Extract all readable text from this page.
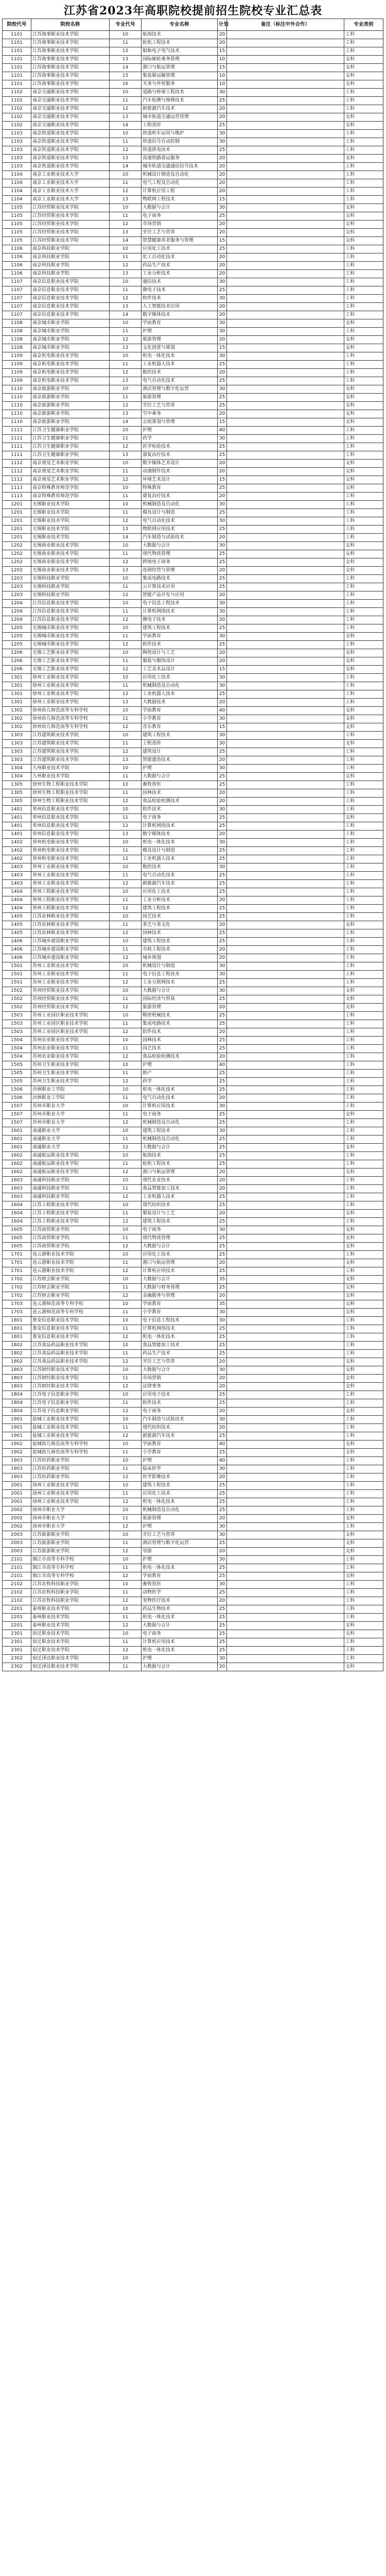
江苏省2023年高职院校提前招生院校专业汇总表
院校代号	院校名称	专业代号	专业名称	计划	备注（标注中外合作）	专业类别
1101	江苏海事职业技术学院	10	航海技术	20		工科
1101	江苏海事职业技术学院	11	轮机工程技术	20		工科
1101	江苏海事职业技术学院	12	船舶电子电气技术	15		工科
1101	江苏海事职业技术学院	13	国际邮轮乘务管理	10		文科
1101	江苏海事职业技术学院	14	港口与航运管理	15		文科
1101	江苏海事职业技术学院	15	集装箱运输管理	10		文科
1101	江苏海事职业技术学院	16	关务与外贸服务	10		文科
1102	南京交通职业技术学院	10	道路与桥梁工程技术	30		工科
1102	南京交通职业技术学院	11	汽车检测与维修技术	25		工科
1102	南京交通职业技术学院	12	新能源汽车技术	20		工科
1102	南京交通职业技术学院	13	城市轨道交通运营管理	20		文科
1102	南京交通职业技术学院	14	工程造价	25		文科
1103	南京铁道职业技术学院	10	铁道机车运用与维护	30		工科
1103	南京铁道职业技术学院	11	铁道信号自动控制	30		工科
1103	南京铁道职业技术学院	12	铁道供电技术	25		工科
1103	南京铁道职业技术学院	13	高速铁路客运服务	20		文科
1103	南京铁道职业技术学院	14	城市轨道交通通信信号技术	20		工科
1104	南京工业职业技术大学	10	机械设计制造及自动化	20		工科
1104	南京工业职业技术大学	11	电气工程及自动化	20		工科
1104	南京工业职业技术大学	12	计算机应用工程	20		工科
1104	南京工业职业技术大学	13	物联网工程技术	15		工科
1105	江苏经贸职业技术学院	10	大数据与会计	30		文科
1105	江苏经贸职业技术学院	11	电子商务	25		文科
1105	江苏经贸职业技术学院	12	市场营销	20		文科
1105	江苏经贸职业技术学院	13	烹饪工艺与营养	20		文科
1105	江苏经贸职业技术学院	14	智慧健康养老服务与管理	15		文科
1106	南京科技职业学院	10	应用化工技术	25		工科
1106	南京科技职业学院	11	化工自动化技术	20		工科
1106	南京科技职业学院	12	药品生产技术	20		工科
1106	南京科技职业学院	13	工业分析技术	20		工科
1107	南京信息职业技术学院	10	通信技术	30		工科
1107	南京信息职业技术学院	11	微电子技术	25		工科
1107	南京信息职业技术学院	12	软件技术	30		工科
1107	南京信息职业技术学院	13	人工智能技术应用	20		工科
1107	南京信息职业技术学院	14	数字媒体技术	20		工科
1108	南京城市职业学院	10	学前教育	30		文科
1108	南京城市职业学院	11	护理	30		工科
1108	南京城市职业学院	12	旅游管理	20		文科
1108	南京城市职业学院	13	文化创意与策划	15		文科
1109	南京机电职业技术学院	10	机电一体化技术	30		工科
1109	南京机电职业技术学院	11	工业机器人技术	25		工科
1109	南京机电职业技术学院	12	数控技术	20		工科
1109	南京机电职业技术学院	13	电气自动化技术	25		工科
1110	南京旅游职业学院	10	酒店管理与数字化运营	30		文科
1110	南京旅游职业学院	11	旅游管理	25		文科
1110	南京旅游职业学院	12	烹饪工艺与营养	25		文科
1110	南京旅游职业学院	13	空中乘务	20		文科
1110	南京旅游职业学院	14	会展策划与管理	15		文科
1111	江苏卫生健康职业学院	10	护理	40		工科
1111	江苏卫生健康职业学院	11	药学	30		工科
1111	江苏卫生健康职业学院	12	医学检验技术	25		工科
1111	江苏卫生健康职业学院	13	康复治疗技术	25		工科
1112	南京视觉艺术职业学院	10	数字媒体艺术设计	20		文科
1112	南京视觉艺术职业学院	11	动漫制作技术	20		文科
1112	南京视觉艺术职业学院	12	环境艺术设计	15		文科
1113	南京特殊教育师范学院	10	特殊教育	25		文科
1113	南京特殊教育师范学院	11	康复治疗技术	20		工科
1201	无锡职业技术学院	10	机械制造及自动化	30		工科
1201	无锡职业技术学院	11	模具设计与制造	25		工科
1201	无锡职业技术学院	12	电气自动化技术	30		工科
1201	无锡职业技术学院	13	物联网应用技术	25		工科
1201	无锡职业技术学院	14	汽车制造与试验技术	20		工科
1202	无锡商业职业技术学院	10	大数据与会计	30		文科
1202	无锡商业职业技术学院	11	现代物流管理	25		文科
1202	无锡商业职业技术学院	12	跨境电子商务	25		文科
1202	无锡商业职业技术学院	13	连锁经营与管理	20		文科
1203	无锡科技职业学院	10	集成电路技术	25		工科
1203	无锡科技职业学院	11	云计算技术应用	25		工科
1203	无锡科技职业学院	12	智能产品开发与应用	20		工科
1204	江苏信息职业技术学院	10	电子信息工程技术	30		工科
1204	江苏信息职业技术学院	11	计算机网络技术	30		工科
1204	江苏信息职业技术学院	12	微电子技术	20		工科
1205	无锡城市职业技术学院	10	建筑工程技术	25		工科
1205	无锡城市职业技术学院	11	学前教育	30		文科
1205	无锡城市职业技术学院	12	软件技术	25		工科
1206	无锡工艺职业技术学院	10	陶瓷设计与工艺	20		文科
1206	无锡工艺职业技术学院	11	服装与服饰设计	20		文科
1206	无锡工艺职业技术学院	12	工艺美术品设计	15		文科
1301	徐州工业职业技术学院	10	应用化工技术	30		工科
1301	徐州工业职业技术学院	11	机械制造及自动化	30		工科
1301	徐州工业职业技术学院	12	工业机器人技术	25		工科
1301	徐州工业职业技术学院	13	大数据技术	20		工科
1302	徐州幼儿师范高等专科学校	10	学前教育	40		文科
1302	徐州幼儿师范高等专科学校	11	小学教育	30		文科
1302	徐州幼儿师范高等专科学校	12	音乐教育	15		文科
1303	江苏建筑职业技术学院	10	建筑工程技术	30		工科
1303	江苏建筑职业技术学院	11	工程造价	30		文科
1303	江苏建筑职业技术学院	12	建筑设计	25		工科
1303	江苏建筑职业技术学院	13	智能建造技术	20		工科
1304	九州职业技术学院	10	护理	30		工科
1304	九州职业技术学院	11	大数据与会计	25		文科
1305	徐州生物工程职业技术学院	10	畜牧兽医	25		工科
1305	徐州生物工程职业技术学院	11	园林技术	20		工科
1305	徐州生物工程职业技术学院	12	食品检验检测技术	20		工科
1401	常州信息职业技术学院	10	软件技术	30		工科
1401	常州信息职业技术学院	11	电子商务	25		文科
1401	常州信息职业技术学院	12	计算机网络技术	25		工科
1401	常州信息职业技术学院	13	数字媒体技术	20		工科
1402	常州机电职业技术学院	10	机电一体化技术	30		工科
1402	常州机电职业技术学院	11	模具设计与制造	25		工科
1402	常州机电职业技术学院	12	工业机器人技术	25		工科
1403	常州工业职业技术学院	10	数控技术	30		工科
1403	常州工业职业技术学院	11	电气自动化技术	25		工科
1403	常州工业职业技术学院	12	新能源汽车技术	25		工科
1404	常州工程职业技术学院	10	应用化工技术	25		工科
1404	常州工程职业技术学院	11	工业分析技术	20		工科
1404	常州工程职业技术学院	12	建筑工程技术	25		工科
1405	江苏农林职业技术学院	10	园艺技术	25		工科
1405	江苏农林职业技术学院	11	茶艺与茶文化	20		文科
1405	江苏农林职业技术学院	12	园林技术	25		工科
1406	江苏城乡建设职业学院	10	建筑工程技术	25		工科
1406	江苏城乡建设职业学院	11	市政工程技术	20		工科
1406	江苏城乡建设职业学院	12	城乡规划	20		工科
1501	苏州工业职业技术学院	10	机械设计与制造	30		工科
1501	苏州工业职业技术学院	11	电子信息工程技术	30		工科
1501	苏州工业职业技术学院	12	工业互联网技术	25		工科
1502	苏州经贸职业技术学院	10	大数据与会计	30		文科
1502	苏州经贸职业技术学院	11	国际经济与贸易	25		文科
1502	苏州经贸职业技术学院	12	旅游管理	20		文科
1503	苏州工业园区职业技术学院	10	精密机械技术	25		工科
1503	苏州工业园区职业技术学院	11	集成电路技术	25		工科
1503	苏州工业园区职业技术学院	12	软件技术	20		工科
1504	苏州农业职业技术学院	10	园林技术	25		工科
1504	苏州农业职业技术学院	11	园艺技术	25		工科
1504	苏州农业职业技术学院	12	食品检验检测技术	20		工科
1505	苏州卫生职业技术学院	10	护理	40		工科
1505	苏州卫生职业技术学院	11	助产	25		工科
1505	苏州卫生职业技术学院	12	药学	25		工科
1506	沙洲职业工学院	10	机电一体化技术	25		工科
1506	沙洲职业工学院	11	电气自动化技术	20		工科
1507	苏州市职业大学	10	计算机应用技术	30		工科
1507	苏州市职业大学	11	电子商务	25		文科
1507	苏州市职业大学	12	机械制造及自动化	25		工科
1601	南通职业大学	10	建筑工程技术	30		工科
1601	南通职业大学	11	机械制造及自动化	25		工科
1601	南通职业大学	12	大数据与会计	25		文科
1602	南通航运职业技术学院	10	航海技术	25		工科
1602	南通航运职业技术学院	11	轮机工程技术	25		工科
1602	南通航运职业技术学院	12	港口与航运管理	20		文科
1603	南通科技职业学院	10	现代农业技术	20		工科
1603	南通科技职业学院	11	食品智能加工技术	20		工科
1603	南通科技职业学院	12	工业机器人技术	25		工科
1604	江苏工程职业技术学院	10	现代纺织技术	25		工科
1604	江苏工程职业技术学院	11	服装设计与工艺	20		文科
1604	江苏工程职业技术学院	12	建筑工程技术	25		工科
1605	江苏商贸职业学院	10	电子商务	30		文科
1605	江苏商贸职业学院	11	现代物流管理	25		文科
1605	江苏商贸职业学院	12	大数据与会计	25		文科
1701	连云港职业技术学院	10	应用化工技术	25		工科
1701	连云港职业技术学院	11	港口与航运管理	20		文科
1701	连云港职业技术学院	12	计算机应用技术	25		工科
1702	江苏财会职业学院	10	大数据与会计	35		文科
1702	江苏财会职业学院	11	大数据与财务管理	25		文科
1702	江苏财会职业学院	12	金融服务与管理	20		文科
1703	连云港师范高等专科学校	10	学前教育	35		文科
1703	连云港师范高等专科学校	11	小学教育	30		文科
1801	淮安信息职业技术学院	10	电子信息工程技术	30		工科
1801	淮安信息职业技术学院	11	计算机网络技术	25		工科
1801	淮安信息职业技术学院	12	机电一体化技术	25		工科
1802	江苏食品药品职业技术学院	10	食品智能加工技术	25		工科
1802	江苏食品药品职业技术学院	11	药品生产技术	25		工科
1802	江苏食品药品职业技术学院	12	烹饪工艺与营养	20		文科
1803	江苏财经职业技术学院	10	大数据与会计	30		文科
1803	江苏财经职业技术学院	11	市场营销	20		文科
1803	江苏财经职业技术学院	12	法律事务	20		文科
1804	江苏电子信息职业学院	10	应用电子技术	25		工科
1804	江苏电子信息职业学院	11	软件技术	25		工科
1804	江苏电子信息职业学院	12	电子商务	20		文科
1901	盐城工业职业技术学院	10	汽车制造与试验技术	30		工科
1901	盐城工业职业技术学院	11	现代纺织技术	20		工科
1901	盐城工业职业技术学院	12	新能源汽车技术	25		工科
1902	盐城幼儿师范高等专科学校	10	学前教育	40		文科
1902	盐城幼儿师范高等专科学校	11	小学教育	25		文科
1903	江苏医药职业学院	10	护理	40		工科
1903	江苏医药职业学院	11	临床医学	30		工科
1903	江苏医药职业学院	12	医学影像技术	20		工科
2001	扬州工业职业技术学院	10	建筑工程技术	25		工科
2001	扬州工业职业技术学院	11	应用化工技术	25		工科
2001	扬州工业职业技术学院	12	机电一体化技术	25		工科
2002	扬州市职业大学	10	机械制造及自动化	25		工科
2002	扬州市职业大学	11	旅游管理	20		文科
2002	扬州市职业大学	12	护理	30		工科
2003	江苏旅游职业学院	10	烹饪工艺与营养	30		文科
2003	江苏旅游职业学院	11	酒店管理与数字化运营	25		文科
2003	江苏旅游职业学院	12	导游	20		文科
2101	镇江市高等专科学校	10	护理	30		工科
2101	镇江市高等专科学校	11	机电一体化技术	25		工科
2101	镇江市高等专科学校	12	学前教育	25		文科
2102	江苏农牧科技职业学院	10	畜牧兽医	30		工科
2102	江苏农牧科技职业学院	11	动物医学	25		工科
2102	江苏农牧科技职业学院	12	宠物医疗技术	20		工科
2201	泰州职业技术学院	10	药品生物技术	25		工科
2201	泰州职业技术学院	11	机电一体化技术	25		工科
2201	泰州职业技术学院	12	大数据与会计	25		文科
2301	宿迁职业技术学院	10	电子商务	25		文科
2301	宿迁职业技术学院	11	计算机应用技术	25		工科
2301	宿迁职业技术学院	12	机电一体化技术	25		工科
2302	宿迁泽达职业技术学院	10	护理	30		工科
2302	宿迁泽达职业技术学院	11	大数据与会计	20		文科
